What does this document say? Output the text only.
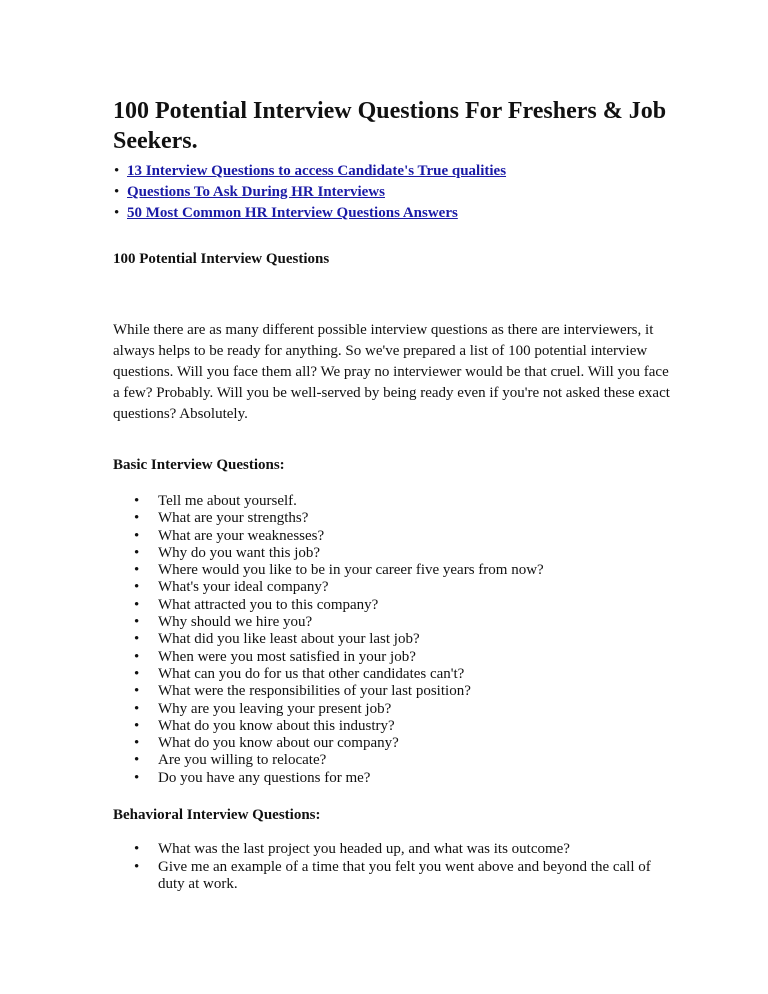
100 Potential Interview Questions For Freshers & Job Seekers.
• 13 Interview Questions to access Candidate's True qualities
• Questions To Ask During HR Interviews
• 50 Most Common HR Interview Questions Answers

100 Potential Interview Questions

While there are as many different possible interview questions as there are interviewers, it always helps to be ready for anything. So we've prepared a list of 100 potential interview questions. Will you face them all? We pray no interviewer would be that cruel. Will you face a few? Probably. Will you be well-served by being ready even if you're not asked these exact questions? Absolutely.

Basic Interview Questions:

• Tell me about yourself.
• What are your strengths?
• What are your weaknesses?
• Why do you want this job?
• Where would you like to be in your career five years from now?
• What's your ideal company?
• What attracted you to this company?
• Why should we hire you?
• What did you like least about your last job?
• When were you most satisfied in your job?
• What can you do for us that other candidates can't?
• What were the responsibilities of your last position?
• Why are you leaving your present job?
• What do you know about this industry?
• What do you know about our company?
• Are you willing to relocate?
• Do you have any questions for me?

Behavioral Interview Questions:

• What was the last project you headed up, and what was its outcome?
• Give me an example of a time that you felt you went above and beyond the call of duty at work.
